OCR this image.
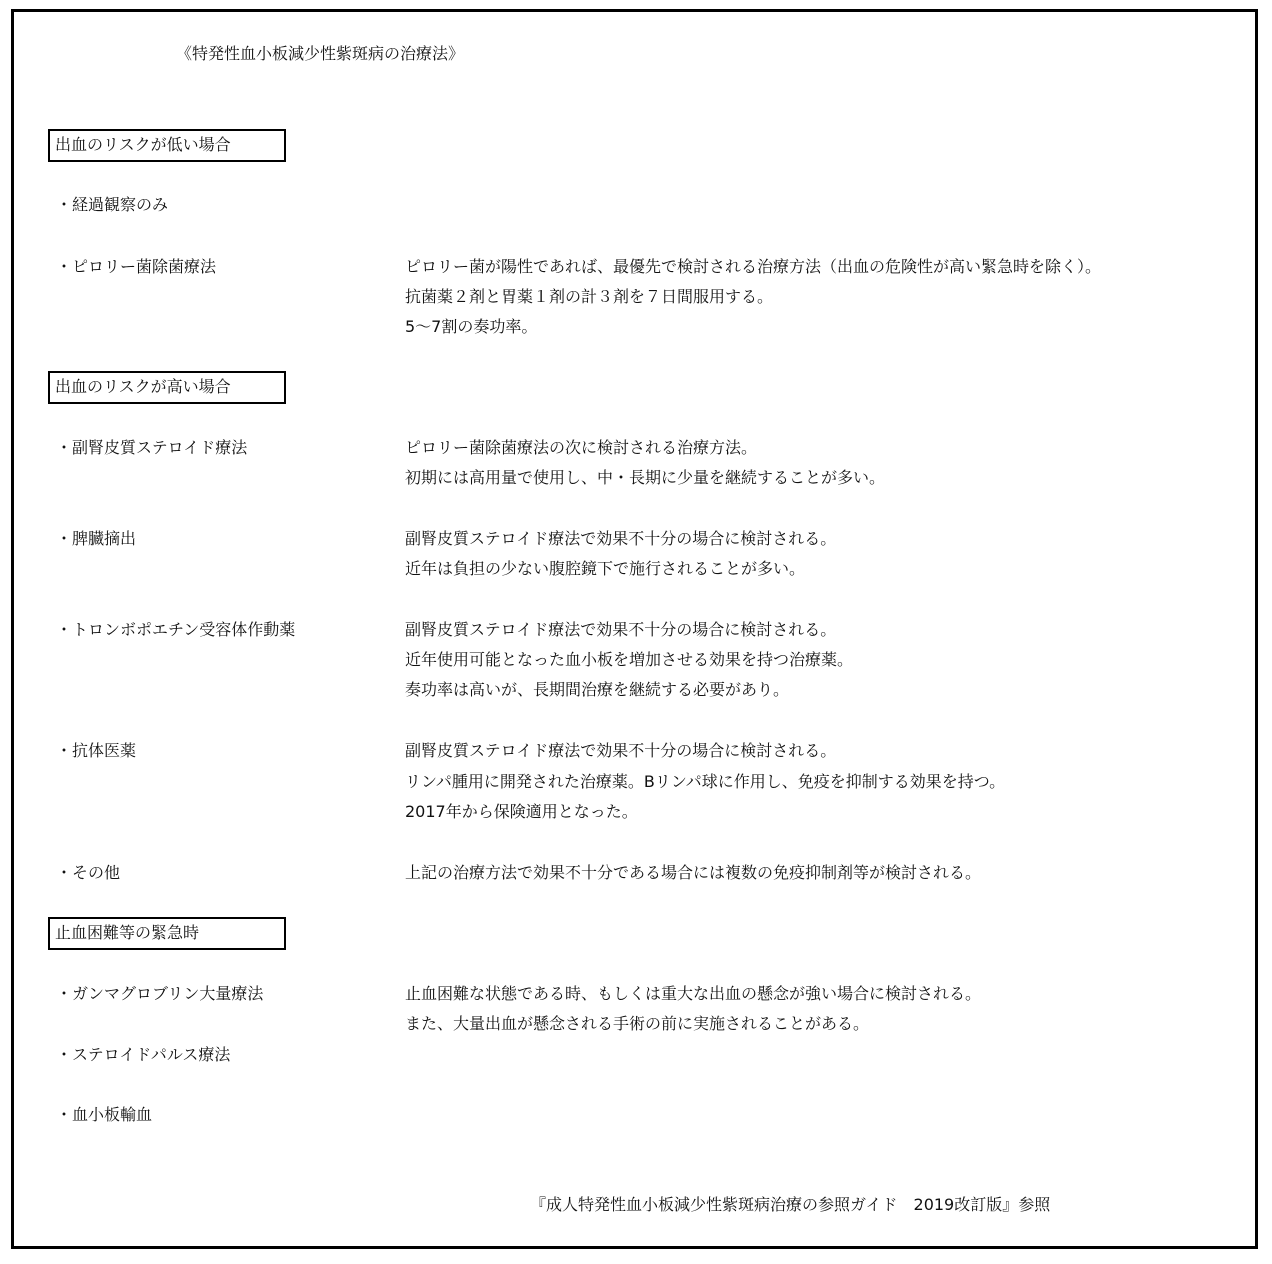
《特発性血小板減少性紫斑病の治療法》
出血のリスクが低い場合
・経過観察のみ
・ピロリー菌除菌療法	ピロリー菌が陽性であれば、最優先で検討される治療方法（出血の危険性が高い緊急時を除く）。
抗菌薬２剤と胃薬１剤の計３剤を７日間服用する。
5〜7割の奏功率。
出血のリスクが高い場合
・副腎皮質ステロイド療法	ピロリー菌除菌療法の次に検討される治療方法。
初期には高用量で使用し、中・長期に少量を継続することが多い。
・脾臓摘出	副腎皮質ステロイド療法で効果不十分の場合に検討される。
近年は負担の少ない腹腔鏡下で施行されることが多い。
・トロンボポエチン受容体作動薬	副腎皮質ステロイド療法で効果不十分の場合に検討される。
近年使用可能となった血小板を増加させる効果を持つ治療薬。
奏功率は高いが、長期間治療を継続する必要があり。
・抗体医薬	副腎皮質ステロイド療法で効果不十分の場合に検討される。
リンパ腫用に開発された治療薬。Bリンパ球に作用し、免疫を抑制する効果を持つ。
2017年から保険適用となった。
・その他	上記の治療方法で効果不十分である場合には複数の免疫抑制剤等が検討される。
止血困難等の緊急時
・ガンマグロブリン大量療法	止血困難な状態である時、もしくは重大な出血の懸念が強い場合に検討される。
また、大量出血が懸念される手術の前に実施されることがある。
・ステロイドパルス療法
・血小板輸血
『成人特発性血小板減少性紫斑病治療の参照ガイド　2019改訂版』参照
